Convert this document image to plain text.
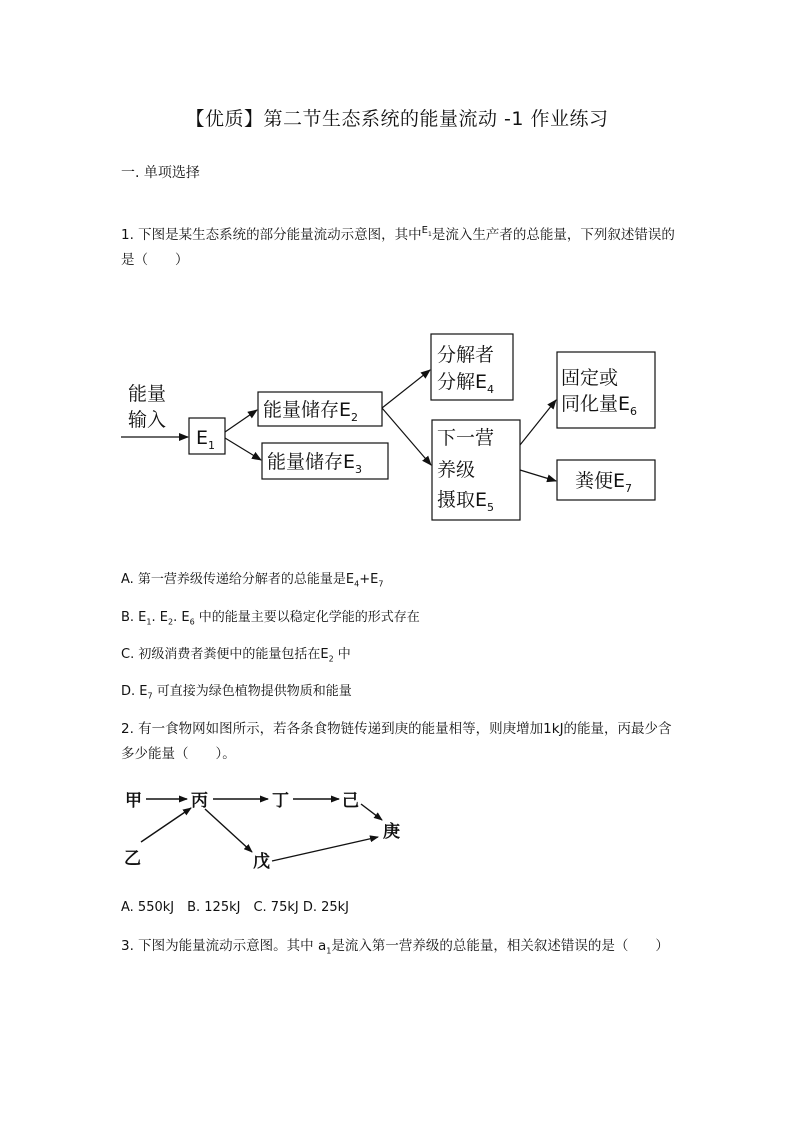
【优质】第二节生态系统的能量流动 -1 作业练习
一. 单项选择
1. 下图是某生态系统的部分能量流动示意图，其中$^{E_1}$是流入生产者的总能量，下列叙述错误的是（　　）
能量
输入
$E_1$
能量储存$E_2$
能量储存$E_3$
分解者
分解$E_4$
下一营
养级
摄取$E_5$
固定或
同化量$E_6$
粪便$E_7$
A. 第一营养级传递给分解者的总能量是$E_4+E_7$
B. $E_1$. $E_2$. $E_6$ 中的能量主要以稳定化学能的形式存在
C. 初级消费者粪便中的能量包括在$E_2$ 中
D. $E_7$ 可直接为绿色植物提供物质和能量
2. 有一食物网如图所示，若各条食物链传递到庚的能量相等，则庚增加1kJ的能量，丙最少含多少能量（　　）。
甲	丙	丁	己
庚
乙	戊
A. 550kJ　B. 125kJ　C. 75kJ D. 25kJ
3. 下图为能量流动示意图。其中 $a_1$是流入第一营养级的总能量，相关叙述错误的是（　　）
